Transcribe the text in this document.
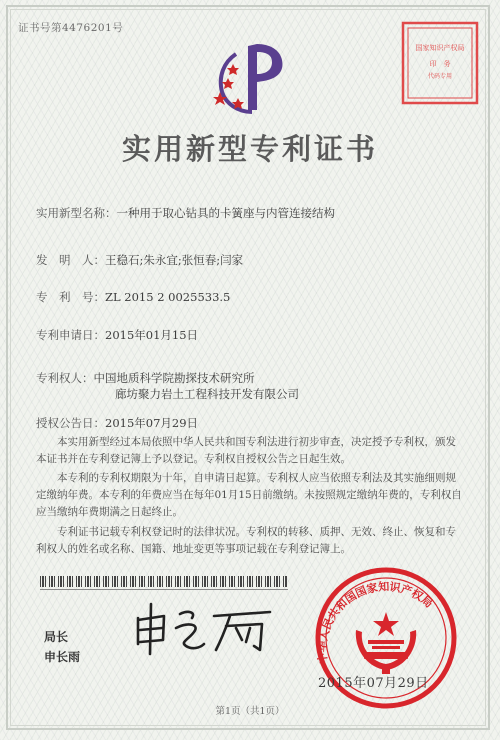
证书号第4476201号
国家知识产权局
印　务
代码专用
实用新型专利证书
实用新型名称：一种用于取心钻具的卡簧座与内管连接结构
发　明　人：王稳石;朱永宜;张恒春;闫家
专　利　号：ZL 2015 2 0025533.5
专利申请日：2015年01月15日
专利权人：中国地质科学院勘探技术研究所
廊坊聚力岩土工程科技开发有限公司
授权公告日：2015年07月29日
本实用新型经过本局依照中华人民共和国专利法进行初步审查，决定授予专利权，颁发本证书并在专利登记簿上予以登记。专利权自授权公告之日起生效。
本专利的专利权期限为十年，自申请日起算。专利权人应当依照专利法及其实施细则规定缴纳年费。本专利的年费应当在每年01月15日前缴纳。未按照规定缴纳年费的，专利权自应当缴纳年费期满之日起终止。
专利证书记载专利权登记时的法律状况。专利权的转移、质押、无效、终止、恢复和专利权人的姓名或名称、国籍、地址变更等事项记载在专利登记簿上。
局长
申长雨	中华人民共和国国家知识产权局
2015年07月29日
第1页（共1页）
